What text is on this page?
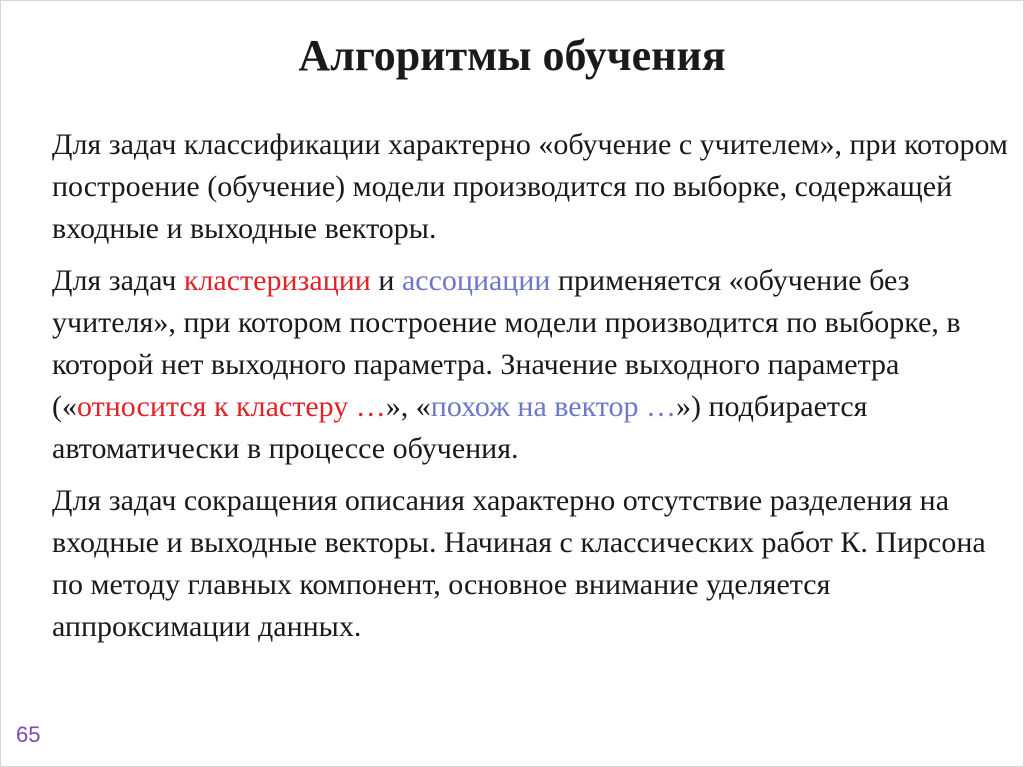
Алгоритмы обучения

Для задач классификации характерно «обучение с учителем», при котором построение (обучение) модели производится по выборке, содержащей входные и выходные векторы.

Для задач кластеризации и ассоциации применяется «обучение без учителя», при котором построение модели производится по выборке, в которой нет выходного параметра. Значение выходного параметра («относится к кластеру …», «похож на вектор …») подбирается автоматически в процессе обучения.

Для задач сокращения описания характерно отсутствие разделения на входные и выходные векторы. Начиная с классических работ К. Пирсона по методу главных компонент, основное внимание уделяется аппроксимации данных.

65
